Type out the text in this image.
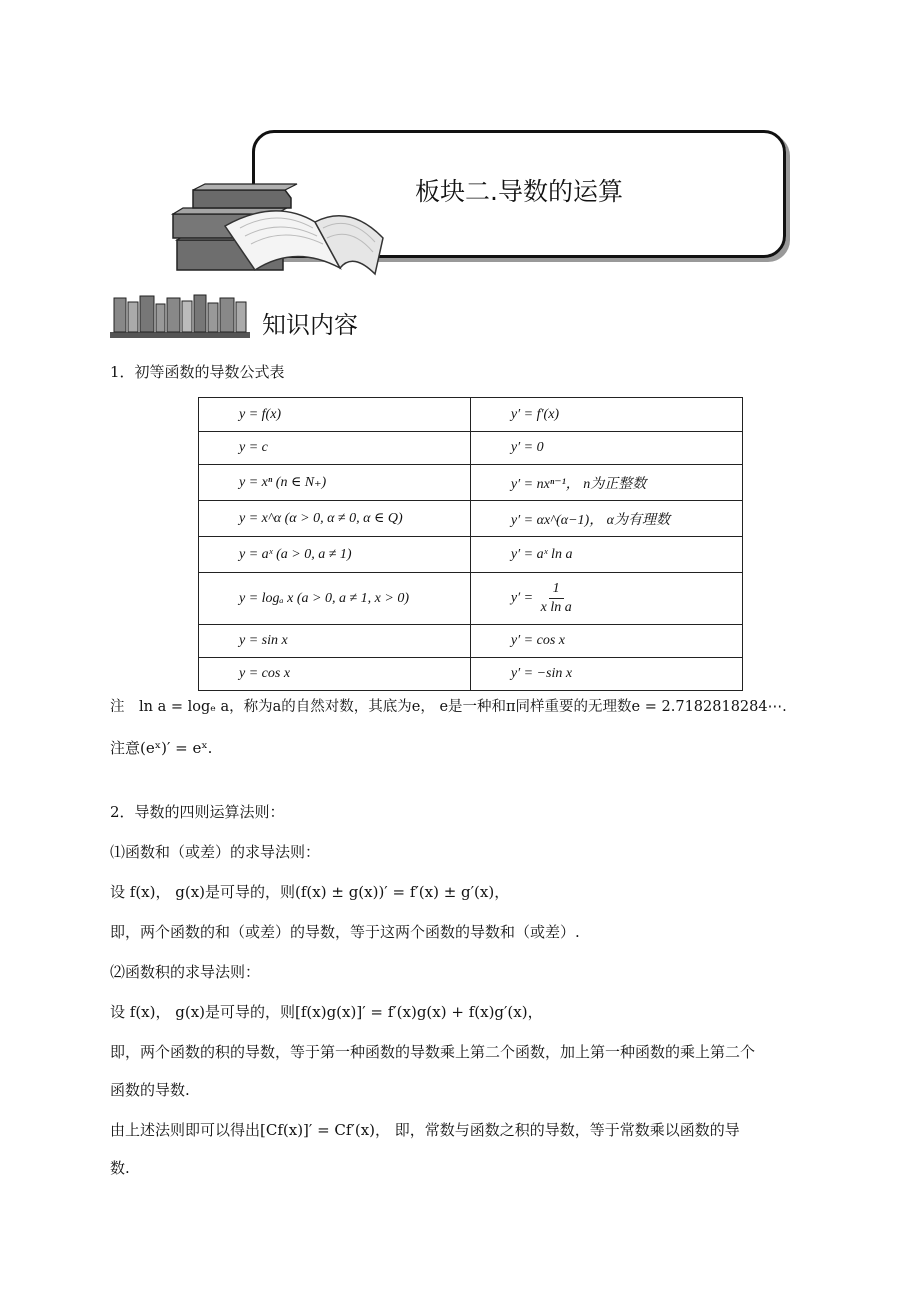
板块二.导数的运算
知识内容
1．初等函数的导数公式表
y = f(x)	y′ = f′(x)
y = c	y′ = 0
y = xⁿ (n ∈ N₊)	y′ = nxⁿ⁻¹， n为正整数
y = x^α (α > 0, α ≠ 0, α ∈ Q)	y′ = αx^(α−1)， α为有理数
y = aˣ (a > 0, a ≠ 1)	y′ = aˣ ln a
y = logₐ x (a > 0, a ≠ 1, x > 0)	$y' = \frac{1}{\text{x ln a}}$

y = sin x	y′ = cos x
y = cos x	y′ = −sin x
注　ln a = logₑ a，称为a的自然对数，其底为e， e是一种和π同样重要的无理数e = 2.7182818284⋯.
注意(eˣ)′ = eˣ.
2．导数的四则运算法则：
⑴函数和（或差）的求导法则：
设 f(x)， g(x)是可导的，则(f(x) ± g(x))′ = f′(x) ± g′(x)，
即，两个函数的和（或差）的导数，等于这两个函数的导数和（或差）.
⑵函数积的求导法则：
设 f(x)， g(x)是可导的，则[f(x)g(x)]′ = f′(x)g(x) + f(x)g′(x)，
即，两个函数的积的导数，等于第一种函数的导数乘上第二个函数，加上第一种函数的乘上第二个
函数的导数.
由上述法则即可以得出[Cf(x)]′ = Cf′(x)， 即，常数与函数之积的导数，等于常数乘以函数的导
数.
